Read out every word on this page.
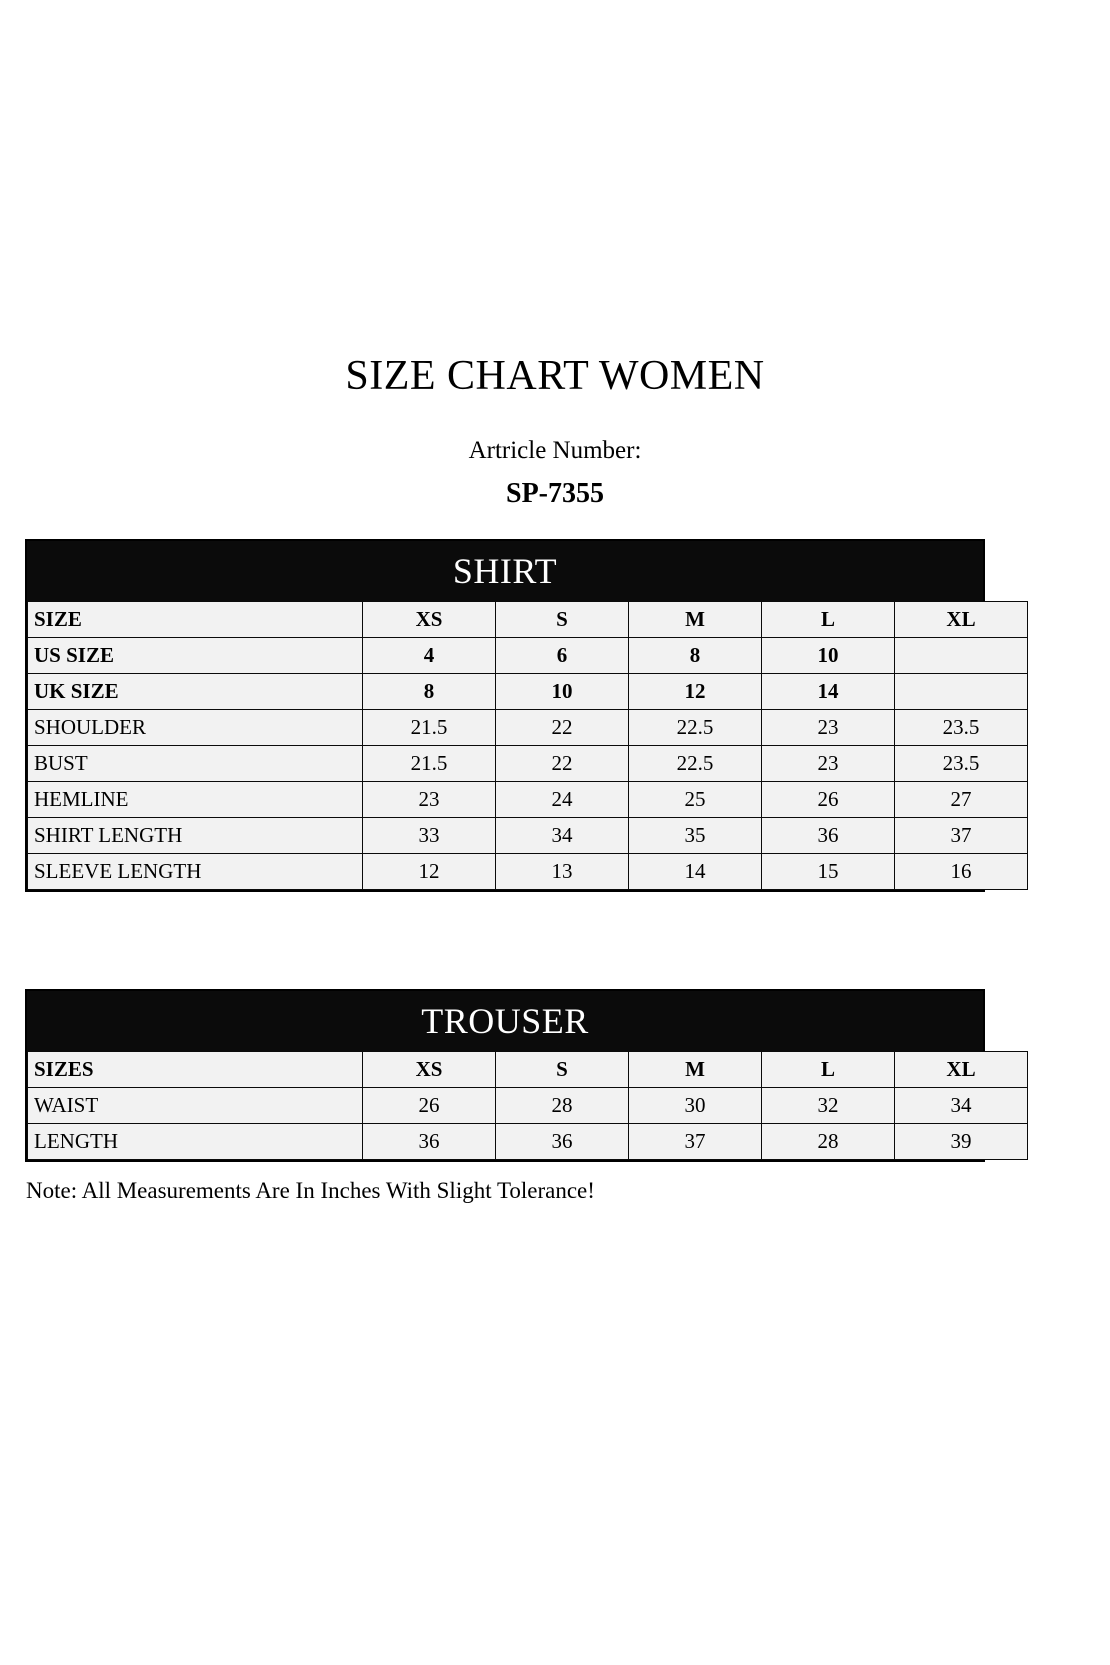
SIZE CHART WOMEN
Artricle Number:
SP-7355
SHIRT
SIZE	XS	S	M	L	XL
US SIZE	4	6	8	10	
UK SIZE	8	10	12	14	
SHOULDER	21.5	22	22.5	23	23.5
BUST	21.5	22	22.5	23	23.5
HEMLINE	23	24	25	26	27
SHIRT LENGTH	33	34	35	36	37
SLEEVE LENGTH	12	13	14	15	16
TROUSER
SIZES	XS	S	M	L	XL
WAIST	26	28	30	32	34
LENGTH	36	36	37	28	39
Note: All Measurements Are In Inches With Slight Tolerance!
